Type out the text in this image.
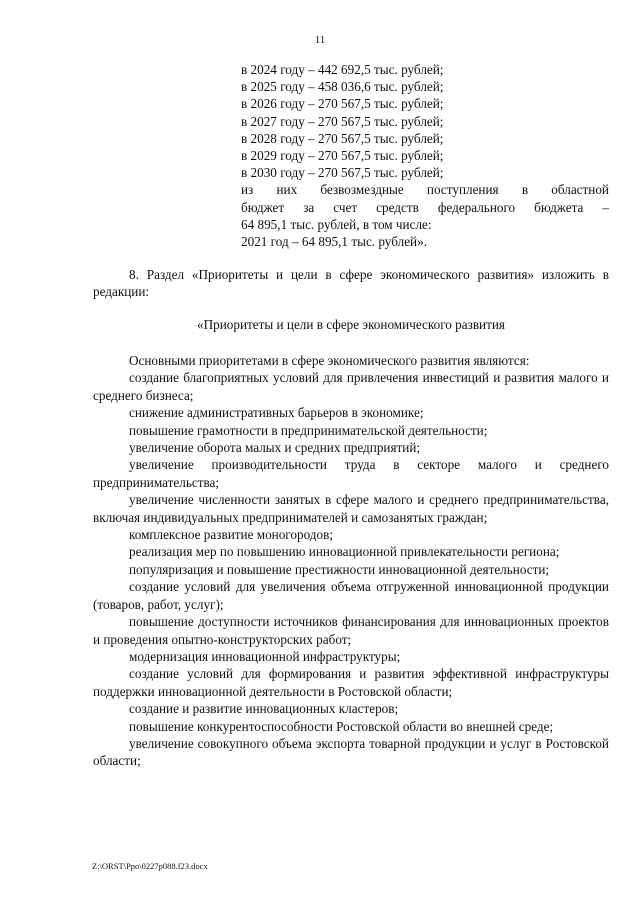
11
в 2024 году – 442 692,5 тыс. рублей;
в 2025 году – 458 036,6 тыс. рублей;
в 2026 году – 270 567,5 тыс. рублей;
в 2027 году – 270 567,5 тыс. рублей;
в 2028 году – 270 567,5 тыс. рублей;
в 2029 году – 270 567,5 тыс. рублей;
в 2030 году – 270 567,5 тыс. рублей;
из них безвозмездные поступления в областной
бюджет за счет средств федерального бюджета –
64 895,1 тыс. рублей, в том числе:
2021 год – 64 895,1 тыс. рублей».

8. Раздел «Приоритеты и цели в сфере экономического развития» изложить в редакции:

«Приоритеты и цели в сфере экономического развития

Основными приоритетами в сфере экономического развития являются:

создание благоприятных условий для привлечения инвестиций и развития малого и среднего бизнеса;

снижение административных барьеров в экономике;

повышение грамотности в предпринимательской деятельности;

увеличение оборота малых и средних предприятий;

увеличение производительности труда в секторе малого и среднего предпринимательства;

увеличение численности занятых в сфере малого и среднего предпринимательства, включая индивидуальных предпринимателей и самозанятых граждан;

комплексное развитие моногородов;

реализация мер по повышению инновационной привлекательности региона;

популяризация и повышение престижности инновационной деятельности;

создание условий для увеличения объема отгруженной инновационной продукции (товаров, работ, услуг);

повышение доступности источников финансирования для инновационных проектов и проведения опытно-конструкторских работ;

модернизация инновационной инфраструктуры;

создание условий для формирования и развития эффективной инфраструктуры поддержки инновационной деятельности в Ростовской области;

создание и развитие инновационных кластеров;

повышение конкурентоспособности Ростовской области во внешней среде;

увеличение совокупного объема экспорта товарной продукции и услуг в Ростовской области;

Z:\ORST\Ppo\0227p088.f23.docx
